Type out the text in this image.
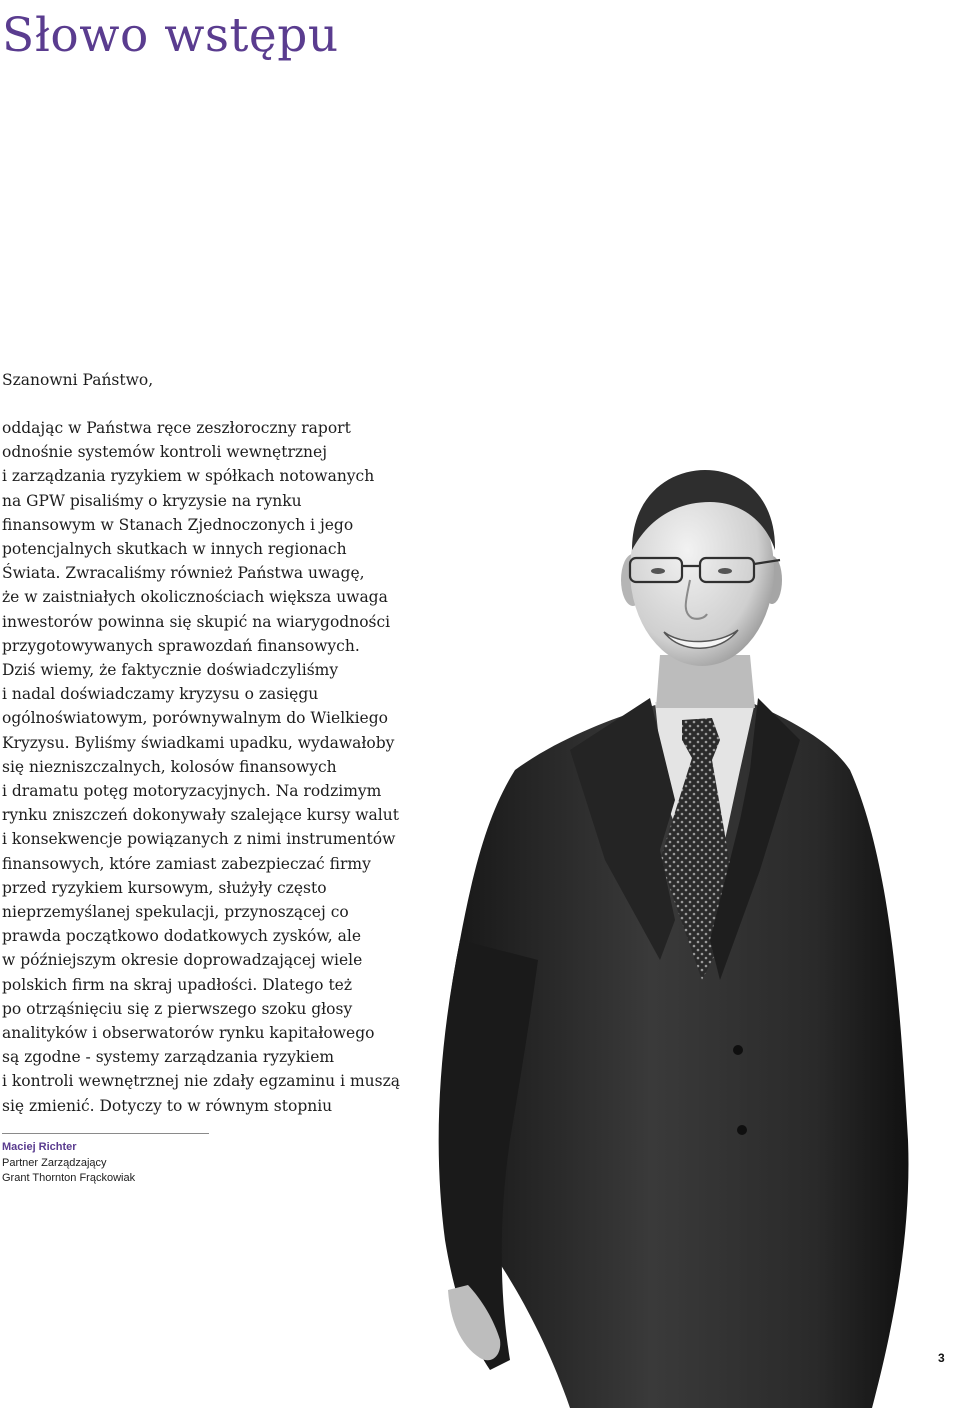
Słowo wstępu

Szanowni Państwo,

oddając w Państwa ręce zeszłoroczny raport
odnośnie systemów kontroli wewnętrznej
i zarządzania ryzykiem w spółkach notowanych
na GPW pisaliśmy o kryzysie na rynku
finansowym w Stanach Zjednoczonych i jego
potencjalnych skutkach w innych regionach
Świata. Zwracaliśmy również Państwa uwagę,
że w zaistniałych okolicznościach większa uwaga
inwestorów powinna się skupić na wiarygodności
przygotowywanych sprawozdań finansowych.
Dziś wiemy, że faktycznie doświadczyliśmy
i nadal doświadczamy kryzysu o zasięgu
ogólnoświatowym, porównywalnym do Wielkiego
Kryzysu. Byliśmy świadkami upadku, wydawałoby
się niezniszczalnych, kolosów finansowych
i dramatu potęg motoryzacyjnych. Na rodzimym
rynku zniszczeń dokonywały szalejące kursy walut
i konsekwencje powiązanych z nimi instrumentów
finansowych, które zamiast zabezpieczać firmy
przed ryzykiem kursowym, służyły często
nieprzemyślanej spekulacji, przynoszącej co
prawda początkowo dodatkowych zysków, ale
w późniejszym okresie doprowadzającej wiele
polskich firm na skraj upadłości. Dlatego też
po otrząśnięciu się z pierwszego szoku głosy
analityków i obserwatorów rynku kapitałowego
są zgodne - systemy zarządzania ryzykiem
i kontroli wewnętrznej nie zdały egzaminu i muszą
się zmienić. Dotyczy to w równym stopniu
Maciej Richter
Partner Zarządzający
Grant Thornton Frąckowiak
3
